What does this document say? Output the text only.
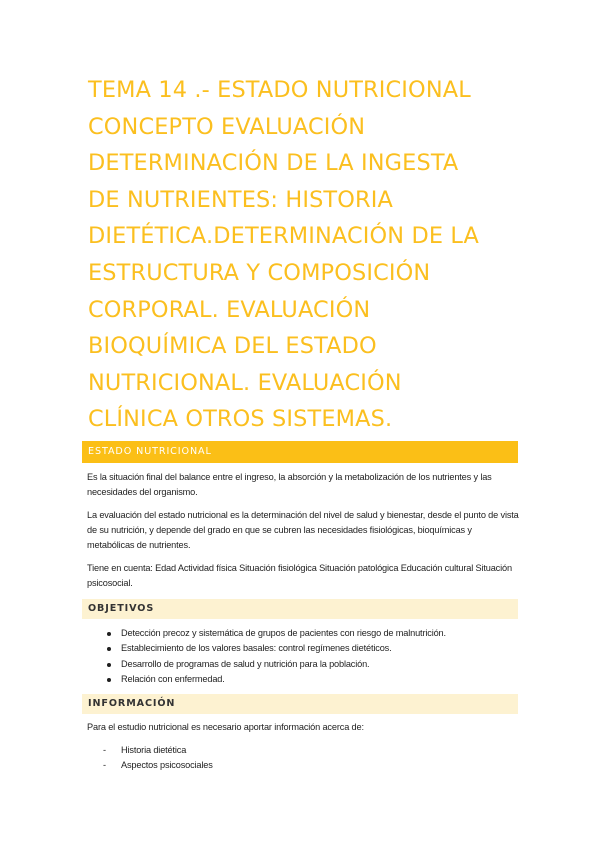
TEMA 14 .- ESTADO NUTRICIONAL
CONCEPTO EVALUACIÓN
DETERMINACIÓN DE LA INGESTA
DE NUTRIENTES: HISTORIA
DIETÉTICA.DETERMINACIÓN DE LA
ESTRUCTURA Y COMPOSICIÓN
CORPORAL. EVALUACIÓN
BIOQUÍMICA DEL ESTADO
NUTRICIONAL. EVALUACIÓN
CLÍNICA OTROS SISTEMAS.
ESTADO NUTRICIONAL

Es la situación final del balance entre el ingreso, la absorción y la metabolización de los nutrientes y las necesidades del organismo.

La evaluación del estado nutricional es la determinación del nivel de salud y bienestar, desde el punto de vista de su nutrición, y depende del grado en que se cubren las necesidades fisiológicas, bioquímicas y metabólicas de nutrientes.

Tiene en cuenta: Edad Actividad física Situación fisiológica Situación patológica Educación cultural Situación psicosocial.

OBJETIVOS
Detección precoz y sistemática de grupos de pacientes con riesgo de malnutrición.
Establecimiento de los valores basales: control regímenes dietéticos.
Desarrollo de programas de salud y nutrición para la población.
Relación con enfermedad.
INFORMACIÓN

Para el estudio nutricional es necesario aportar información acerca de:

- Historia dietética
- Aspectos psicosociales
